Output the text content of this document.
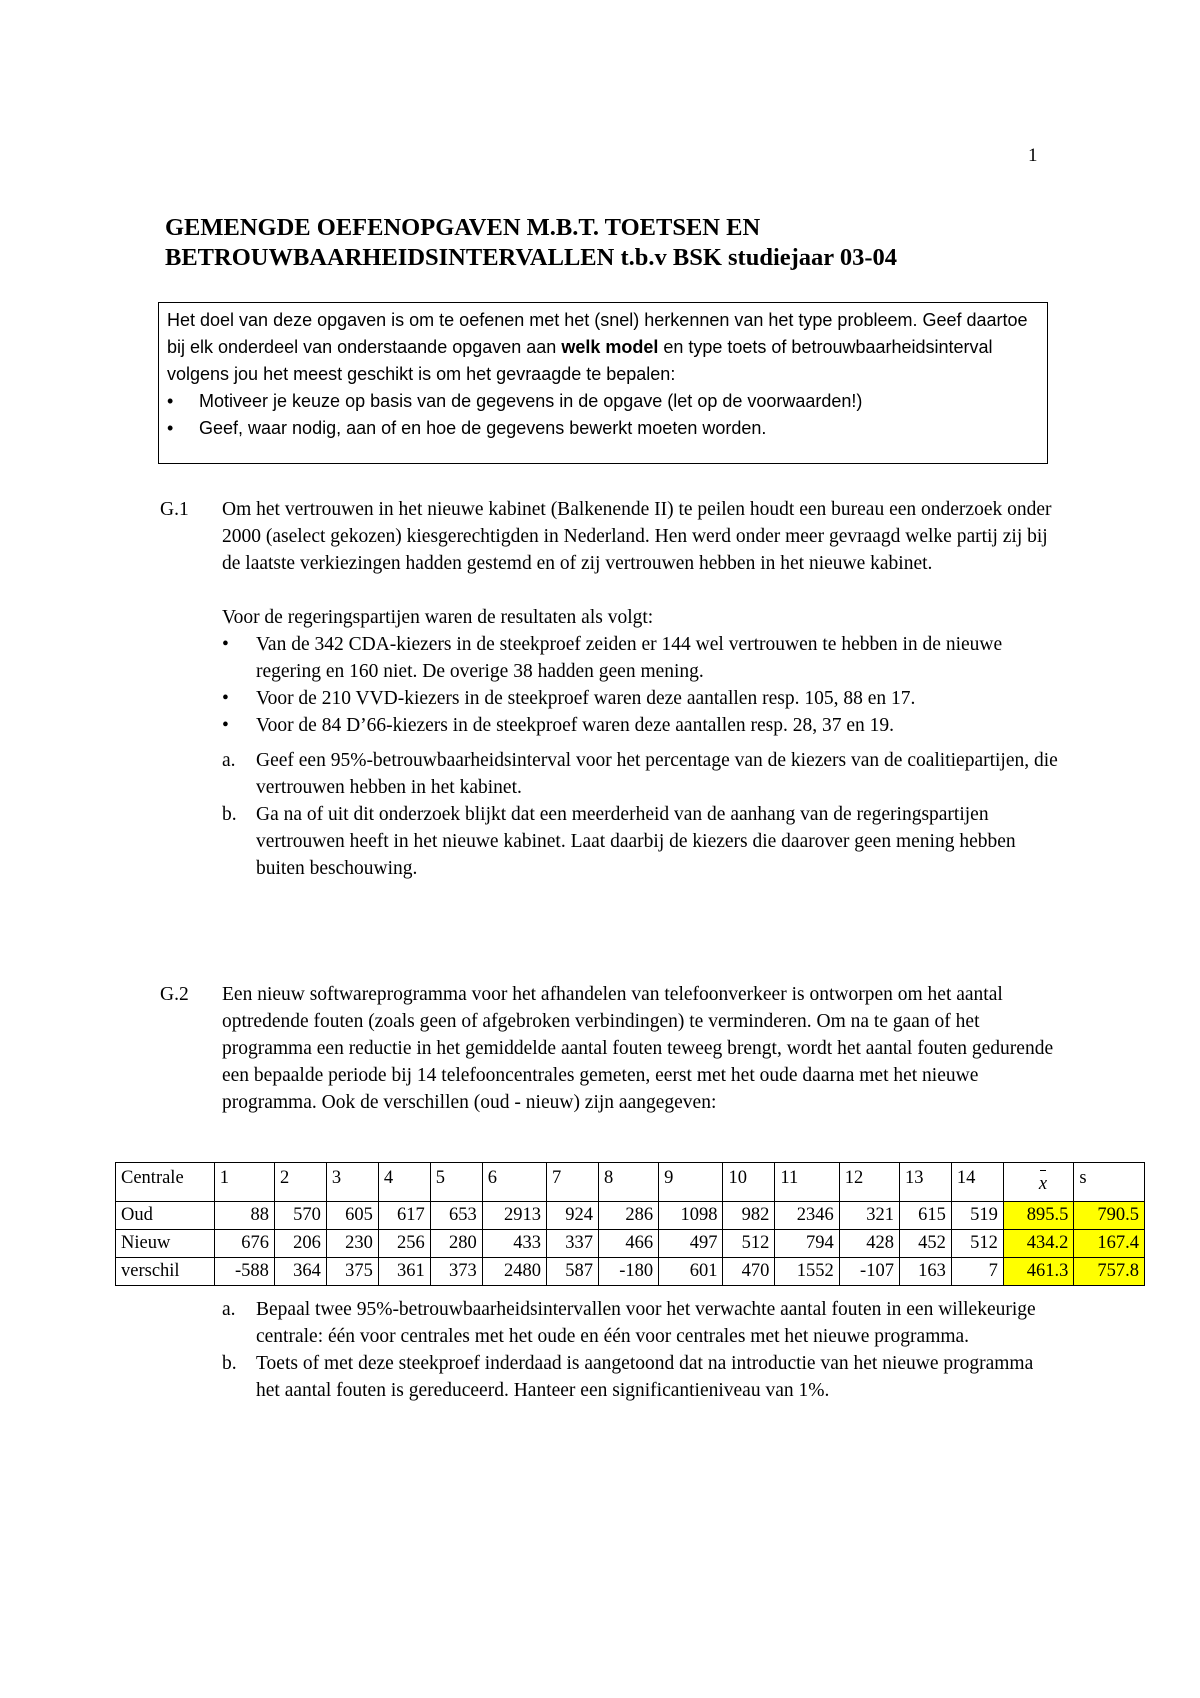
1
GEMENGDE OEFENOPGAVEN M.B.T. TOETSEN EN
BETROUWBAARHEIDSINTERVALLEN t.b.v BSK studiejaar 03-04

Het doel van deze opgaven is om te oefenen met het (snel) herkennen van het type probleem. Geef daartoe bij elk onderdeel van onderstaande opgaven aan welk model en type toets of betrouwbaarheidsinterval volgens jou het meest geschikt is om het gevraagde te bepalen:

• Motiveer je keuze op basis van de gegevens in de opgave (let op de voorwaarden!)
• Geef, waar nodig, aan of en hoe de gegevens bewerkt moeten worden.
G.1 Om het vertrouwen in het nieuwe kabinet (Balkenende II) te peilen houdt een bureau een onderzoek onder 2000 (aselect gekozen) kiesgerechtigden in Nederland. Hen werd onder meer gevraagd welke partij zij bij de laatste verkiezingen hadden gestemd en of zij vertrouwen hebben in het nieuwe kabinet.

Voor de regeringspartijen waren de resultaten als volgt:

• Van de 342 CDA-kiezers in de steekproef zeiden er 144 wel vertrouwen te hebben in de nieuwe regering en 160 niet. De overige 38 hadden geen mening.
• Voor de 210 VVD-kiezers in de steekproef waren deze aantallen resp. 105, 88 en 17.
• Voor de 84 D’66-kiezers in de steekproef waren deze aantallen resp. 28, 37 en 19.
a. Geef een 95%-betrouwbaarheidsinterval voor het percentage van de kiezers van de coalitiepartijen, die vertrouwen hebben in het kabinet.
b. Ga na of uit dit onderzoek blijkt dat een meerderheid van de aanhang van de regeringspartijen vertrouwen heeft in het nieuwe kabinet. Laat daarbij de kiezers die daarover geen mening hebben buiten beschouwing.
G.2 Een nieuw softwareprogramma voor het afhandelen van telefoonverkeer is ontworpen om het aantal optredende fouten (zoals geen of afgebroken verbindingen) te verminderen. Om na te gaan of het programma een reductie in het gemiddelde aantal fouten teweeg brengt, wordt het aantal fouten gedurende een bepaalde periode bij 14 telefooncentrales gemeten, eerst met het oude daarna met het nieuwe programma. Ook de verschillen (oud - nieuw) zijn aangegeven:

Centrale	1	2	3	4	5	6	7	8	9	10	11	12	13	14	x	s
Oud	88	570	605	617	653	2913	924	286	1098	982	2346	321	615	519	895.5	790.5
Nieuw	676	206	230	256	280	433	337	466	497	512	794	428	452	512	434.2	167.4
verschil	-588	364	375	361	373	2480	587	-180	601	470	1552	-107	163	7	461.3	757.8
a. Bepaal twee 95%-betrouwbaarheidsintervallen voor het verwachte aantal fouten in een willekeurige centrale: één voor centrales met het oude en één voor centrales met het nieuwe programma.
b. Toets of met deze steekproef inderdaad is aangetoond dat na introductie van het nieuwe programma het aantal fouten is gereduceerd. Hanteer een significantieniveau van 1%.
